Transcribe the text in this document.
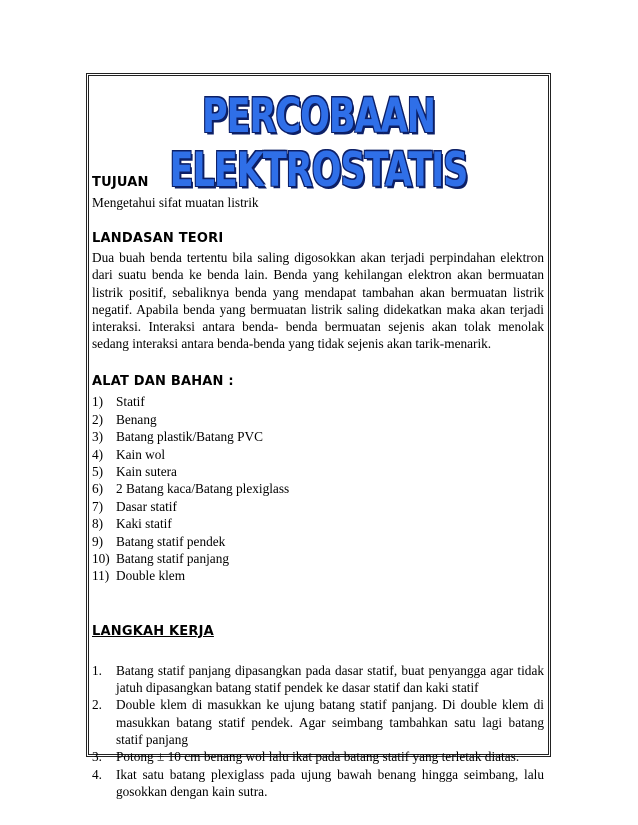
PERCOBAAN ELEKTROSTATIS
TUJUAN

Mengetahui sifat muatan listrik

LANDASAN TEORI

Dua buah benda tertentu bila saling digosokkan akan terjadi perpindahan elektron dari suatu benda ke benda lain. Benda yang kehilangan elektron akan bermuatan listrik positif, sebaliknya benda yang mendapat tambahan akan bermuatan listrik negatif. Apabila benda yang bermuatan listrik saling didekatkan maka akan terjadi interaksi. Interaksi antara benda- benda bermuatan sejenis akan tolak menolak sedang interaksi antara benda-benda yang tidak sejenis akan tarik-menarik.

ALAT DAN BAHAN :
1) Statif
2) Benang
3) Batang plastik/Batang PVC
4) Kain wol
5) Kain sutera
6) 2 Batang kaca/Batang plexiglass
7) Dasar statif
8) Kaki statif
9) Batang statif pendek
10) Batang statif panjang
11) Double klem
LANGKAH KERJA
1.	Batang statif panjang dipasangkan pada dasar statif, buat penyangga agar tidak jatuh dipasangkan batang statif pendek ke dasar statif dan kaki statif
2.	Double klem di masukkan ke ujung batang statif panjang. Di double klem di masukkan batang statif pendek. Agar seimbang tambahkan satu lagi batang statif panjang
3.	Potong ± 10 cm benang wol lalu ikat pada batang statif yang terletak diatas.
4.	Ikat satu batang plexiglass pada ujung bawah benang hingga seimbang, lalu gosokkan dengan kain sutra.
